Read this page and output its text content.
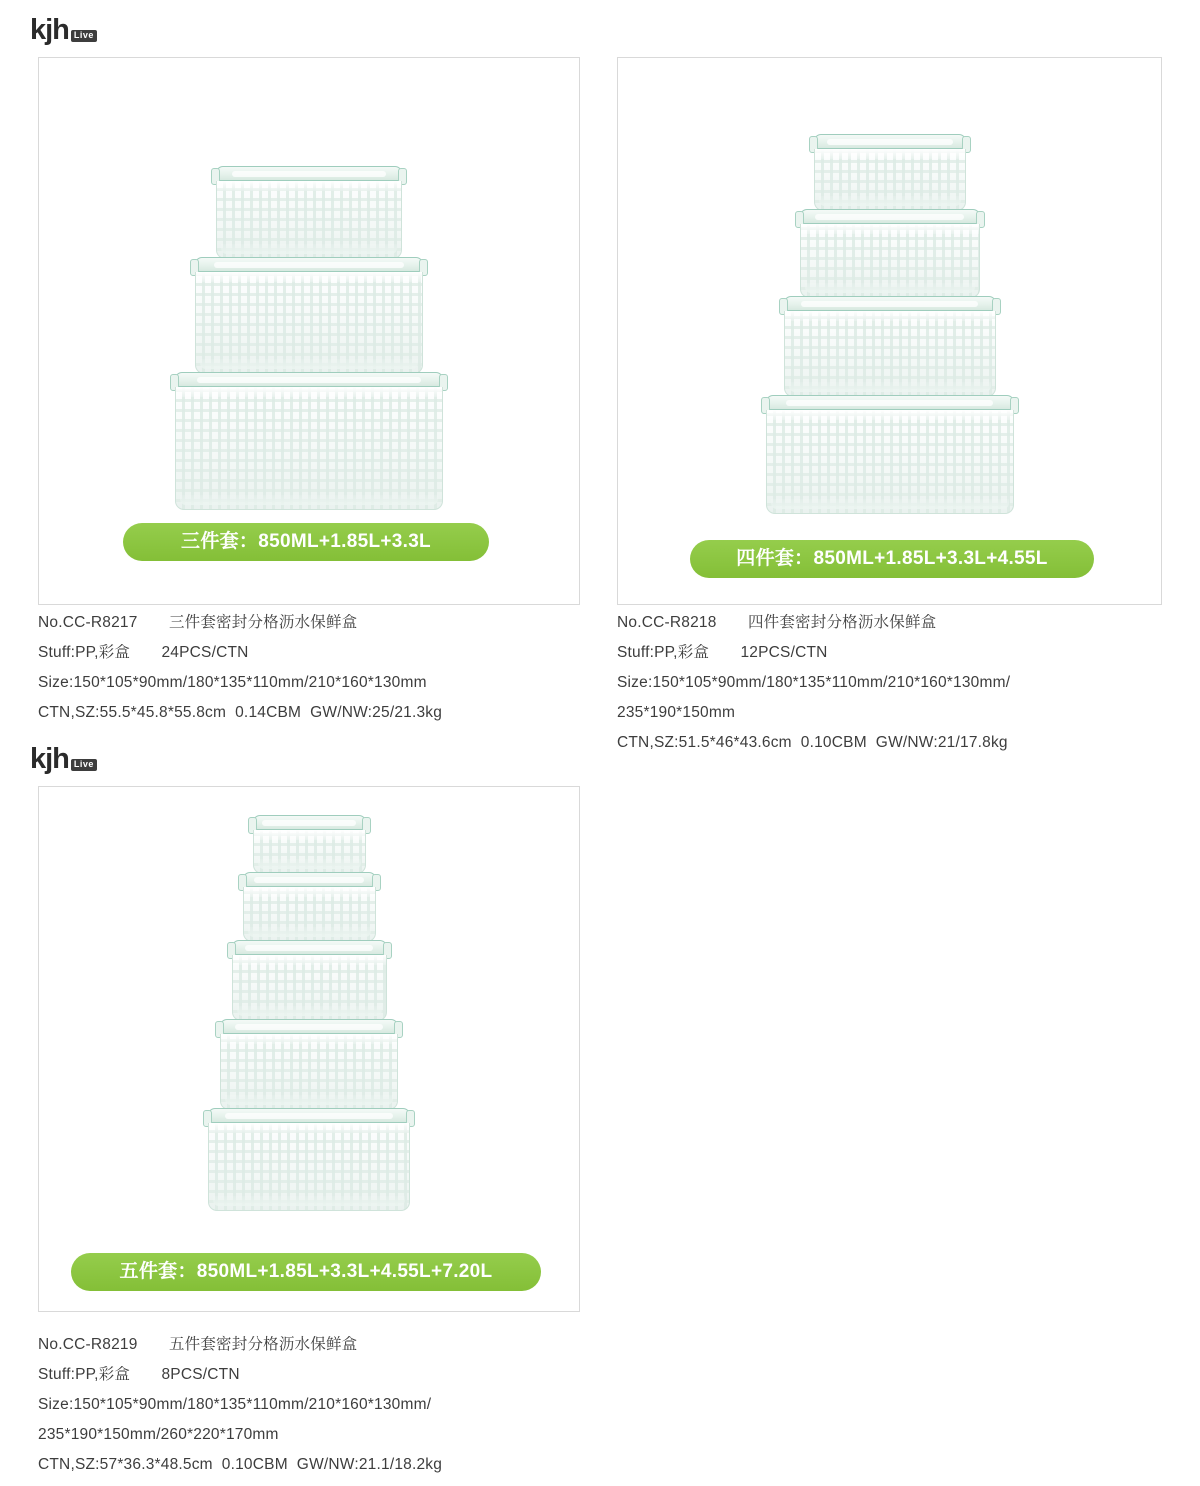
kjh Live
三件套：850ML+1.85L+3.3L
No.CC-R8217　　三件套密封分格沥水保鲜盒
Stuff:PP,彩盒　　24PCS/CTN
Size:150*105*90mm/180*135*110mm/210*160*130mm
CTN,SZ:55.5*45.8*55.8cm  0.14CBM  GW/NW:25/21.3kg
四件套：850ML+1.85L+3.3L+4.55L
No.CC-R8218　　四件套密封分格沥水保鲜盒
Stuff:PP,彩盒　　12PCS/CTN
Size:150*105*90mm/180*135*110mm/210*160*130mm/
235*190*150mm
CTN,SZ:51.5*46*43.6cm  0.10CBM  GW/NW:21/17.8kg
kjh Live
五件套：850ML+1.85L+3.3L+4.55L+7.20L
No.CC-R8219　　五件套密封分格沥水保鲜盒
Stuff:PP,彩盒　　8PCS/CTN
Size:150*105*90mm/180*135*110mm/210*160*130mm/
235*190*150mm/260*220*170mm
CTN,SZ:57*36.3*48.5cm  0.10CBM  GW/NW:21.1/18.2kg
